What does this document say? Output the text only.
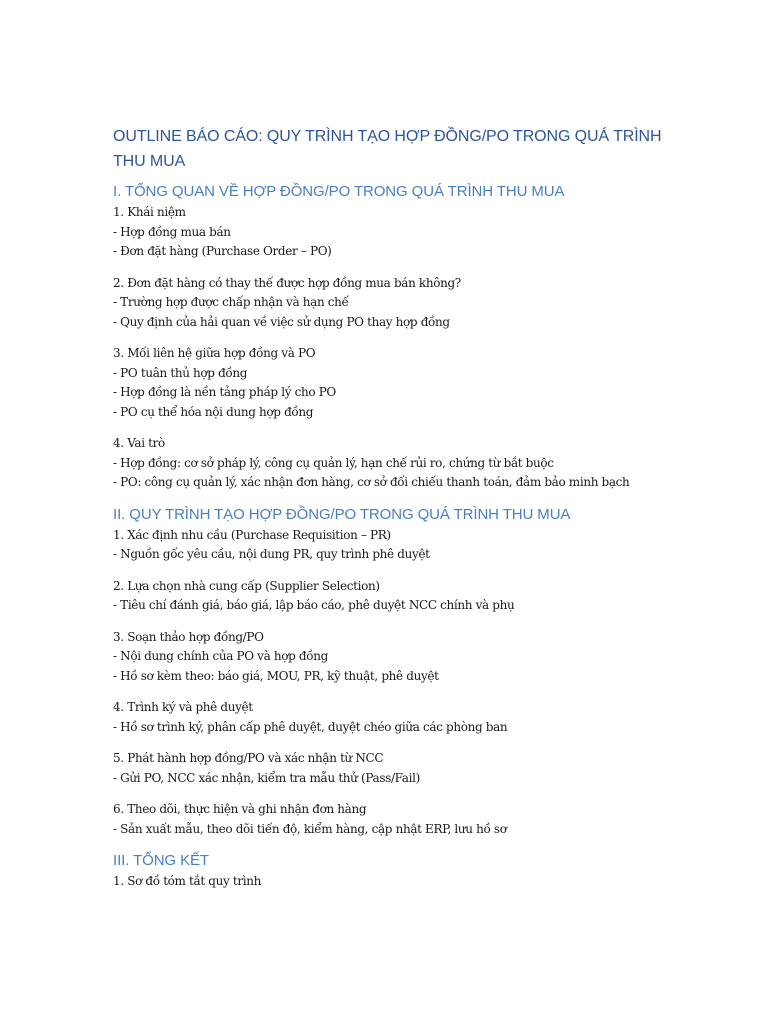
OUTLINE BÁO CÁO: QUY TRÌNH TẠO HỢP ĐỒNG/PO TRONG QUÁ TRÌNH THU MUA
I. TỔNG QUAN VỀ HỢP ĐỒNG/PO TRONG QUÁ TRÌNH THU MUA
1. Khái niệm
- Hợp đồng mua bán
- Đơn đặt hàng (Purchase Order – PO)
2. Đơn đặt hàng có thay thế được hợp đồng mua bán không?
- Trường hợp được chấp nhận và hạn chế
- Quy định của hải quan về việc sử dụng PO thay hợp đồng
3. Mối liên hệ giữa hợp đồng và PO
- PO tuân thủ hợp đồng
- Hợp đồng là nền tảng pháp lý cho PO
- PO cụ thể hóa nội dung hợp đồng
4. Vai trò
- Hợp đồng: cơ sở pháp lý, công cụ quản lý, hạn chế rủi ro, chứng từ bắt buộc
- PO: công cụ quản lý, xác nhận đơn hàng, cơ sở đối chiếu thanh toán, đảm bảo minh bạch
II. QUY TRÌNH TẠO HỢP ĐỒNG/PO TRONG QUÁ TRÌNH THU MUA
1. Xác định nhu cầu (Purchase Requisition – PR)
- Nguồn gốc yêu cầu, nội dung PR, quy trình phê duyệt
2. Lựa chọn nhà cung cấp (Supplier Selection)
- Tiêu chí đánh giá, báo giá, lập báo cáo, phê duyệt NCC chính và phụ
3. Soạn thảo hợp đồng/PO
- Nội dung chính của PO và hợp đồng
- Hồ sơ kèm theo: báo giá, MOU, PR, kỹ thuật, phê duyệt
4. Trình ký và phê duyệt
- Hồ sơ trình ký, phân cấp phê duyệt, duyệt chéo giữa các phòng ban
5. Phát hành hợp đồng/PO và xác nhận từ NCC
- Gửi PO, NCC xác nhận, kiểm tra mẫu thử (Pass/Fail)
6. Theo dõi, thực hiện và ghi nhận đơn hàng
- Sản xuất mẫu, theo dõi tiến độ, kiểm hàng, cập nhật ERP, lưu hồ sơ
III. TỔNG KẾT
1. Sơ đồ tóm tắt quy trình
